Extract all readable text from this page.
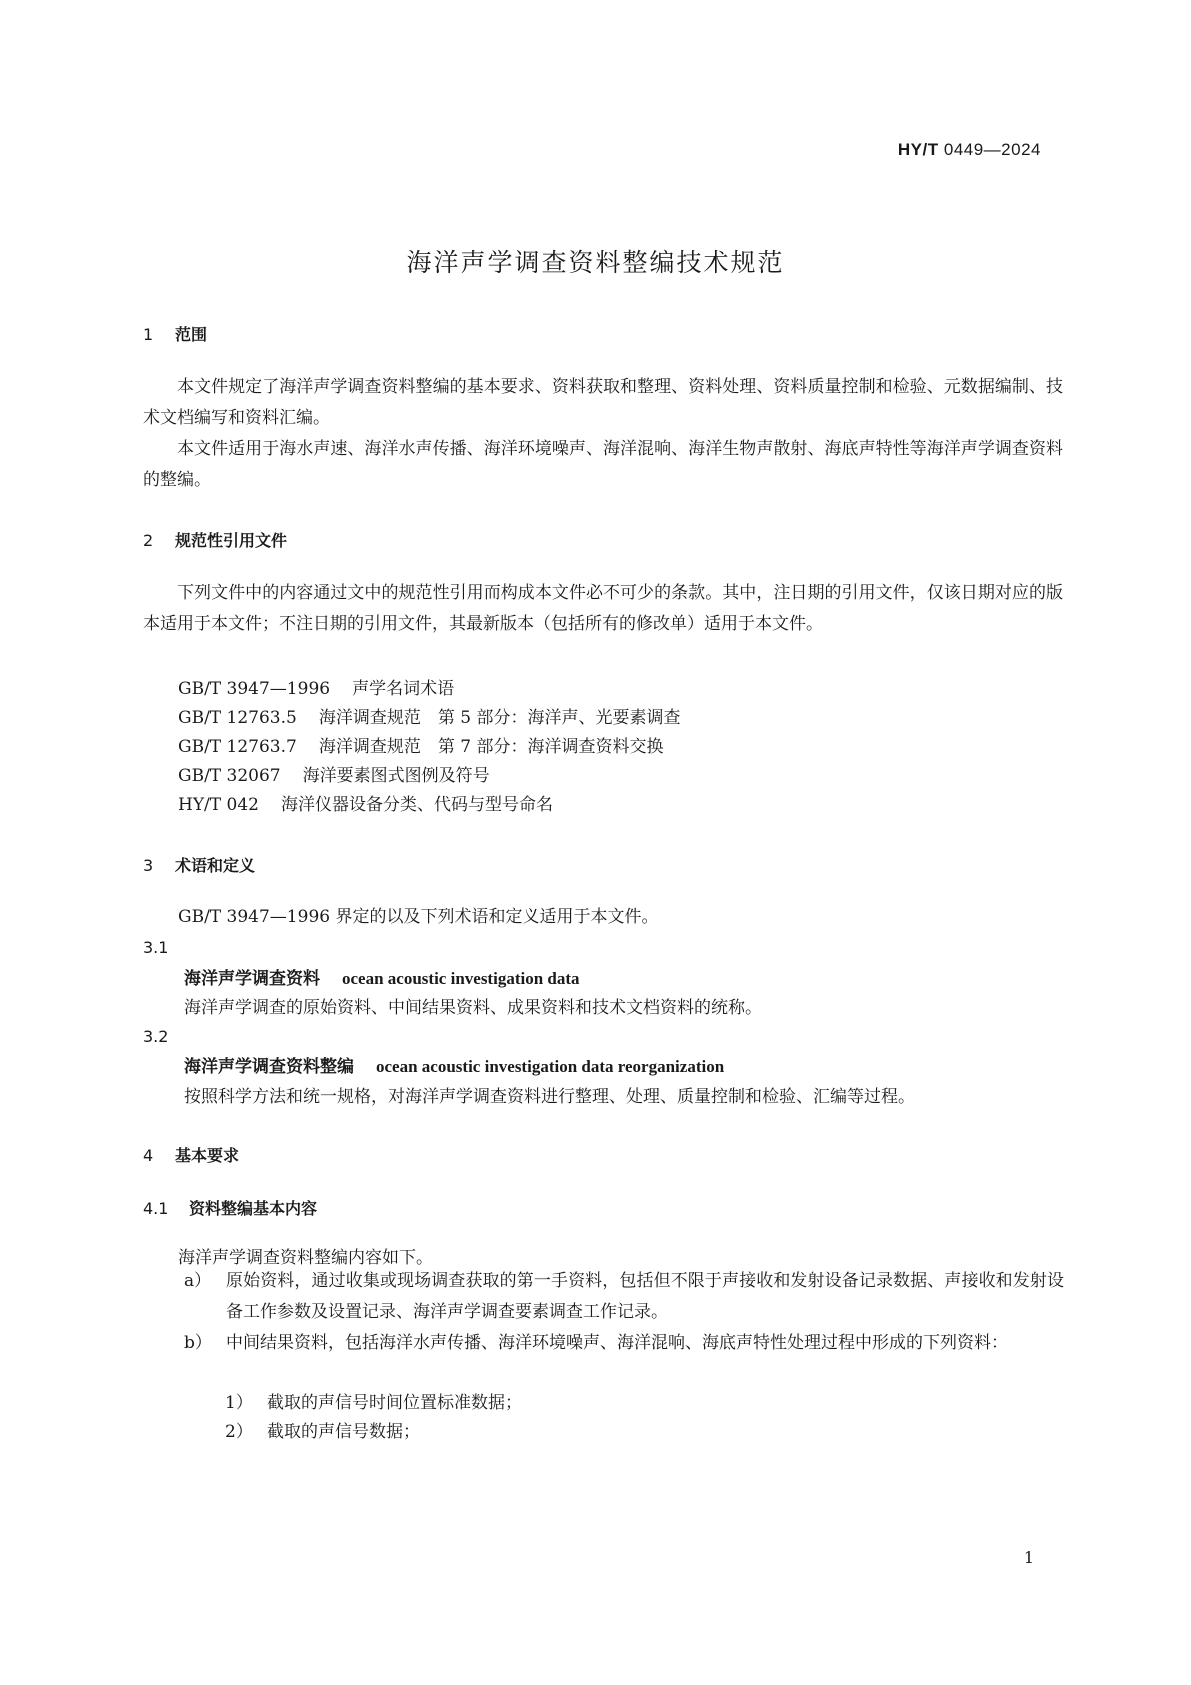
HY/T 0449—2024
海洋声学调查资料整编技术规范
1 范围
本文件规定了海洋声学调查资料整编的基本要求、资料获取和整理、资料处理、资料质量控制和检验、元数据编制、技术文档编写和资料汇编。
本文件适用于海水声速、海洋水声传播、海洋环境噪声、海洋混响、海洋生物声散射、海底声特性等海洋声学调查资料的整编。
2 规范性引用文件
下列文件中的内容通过文中的规范性引用而构成本文件必不可少的条款。其中，注日期的引用文件，仅该日期对应的版本适用于本文件；不注日期的引用文件，其最新版本（包括所有的修改单）适用于本文件。
GB/T 3947—1996 声学名词术语
GB/T 12763.5 海洋调查规范　第 5 部分：海洋声、光要素调查
GB/T 12763.7 海洋调查规范　第 7 部分：海洋调查资料交换
GB/T 32067 海洋要素图式图例及符号
HY/T 042 海洋仪器设备分类、代码与型号命名
3 术语和定义
GB/T 3947—1996 界定的以及下列术语和定义适用于本文件。
3.1
海洋声学调查资料 ocean acoustic investigation data
海洋声学调查的原始资料、中间结果资料、成果资料和技术文档资料的统称。
3.2
海洋声学调查资料整编 ocean acoustic investigation data reorganization
按照科学方法和统一规格，对海洋声学调查资料进行整理、处理、质量控制和检验、汇编等过程。
4 基本要求
4.1 资料整编基本内容
海洋声学调查资料整编内容如下。
a） 原始资料，通过收集或现场调查获取的第一手资料，包括但不限于声接收和发射设备记录数据、声接收和发射设备工作参数及设置记录、海洋声学调查要素调查工作记录。
b） 中间结果资料，包括海洋水声传播、海洋环境噪声、海洋混响、海底声特性处理过程中形成的下列资料：
1） 截取的声信号时间位置标准数据；
2） 截取的声信号数据；
1
